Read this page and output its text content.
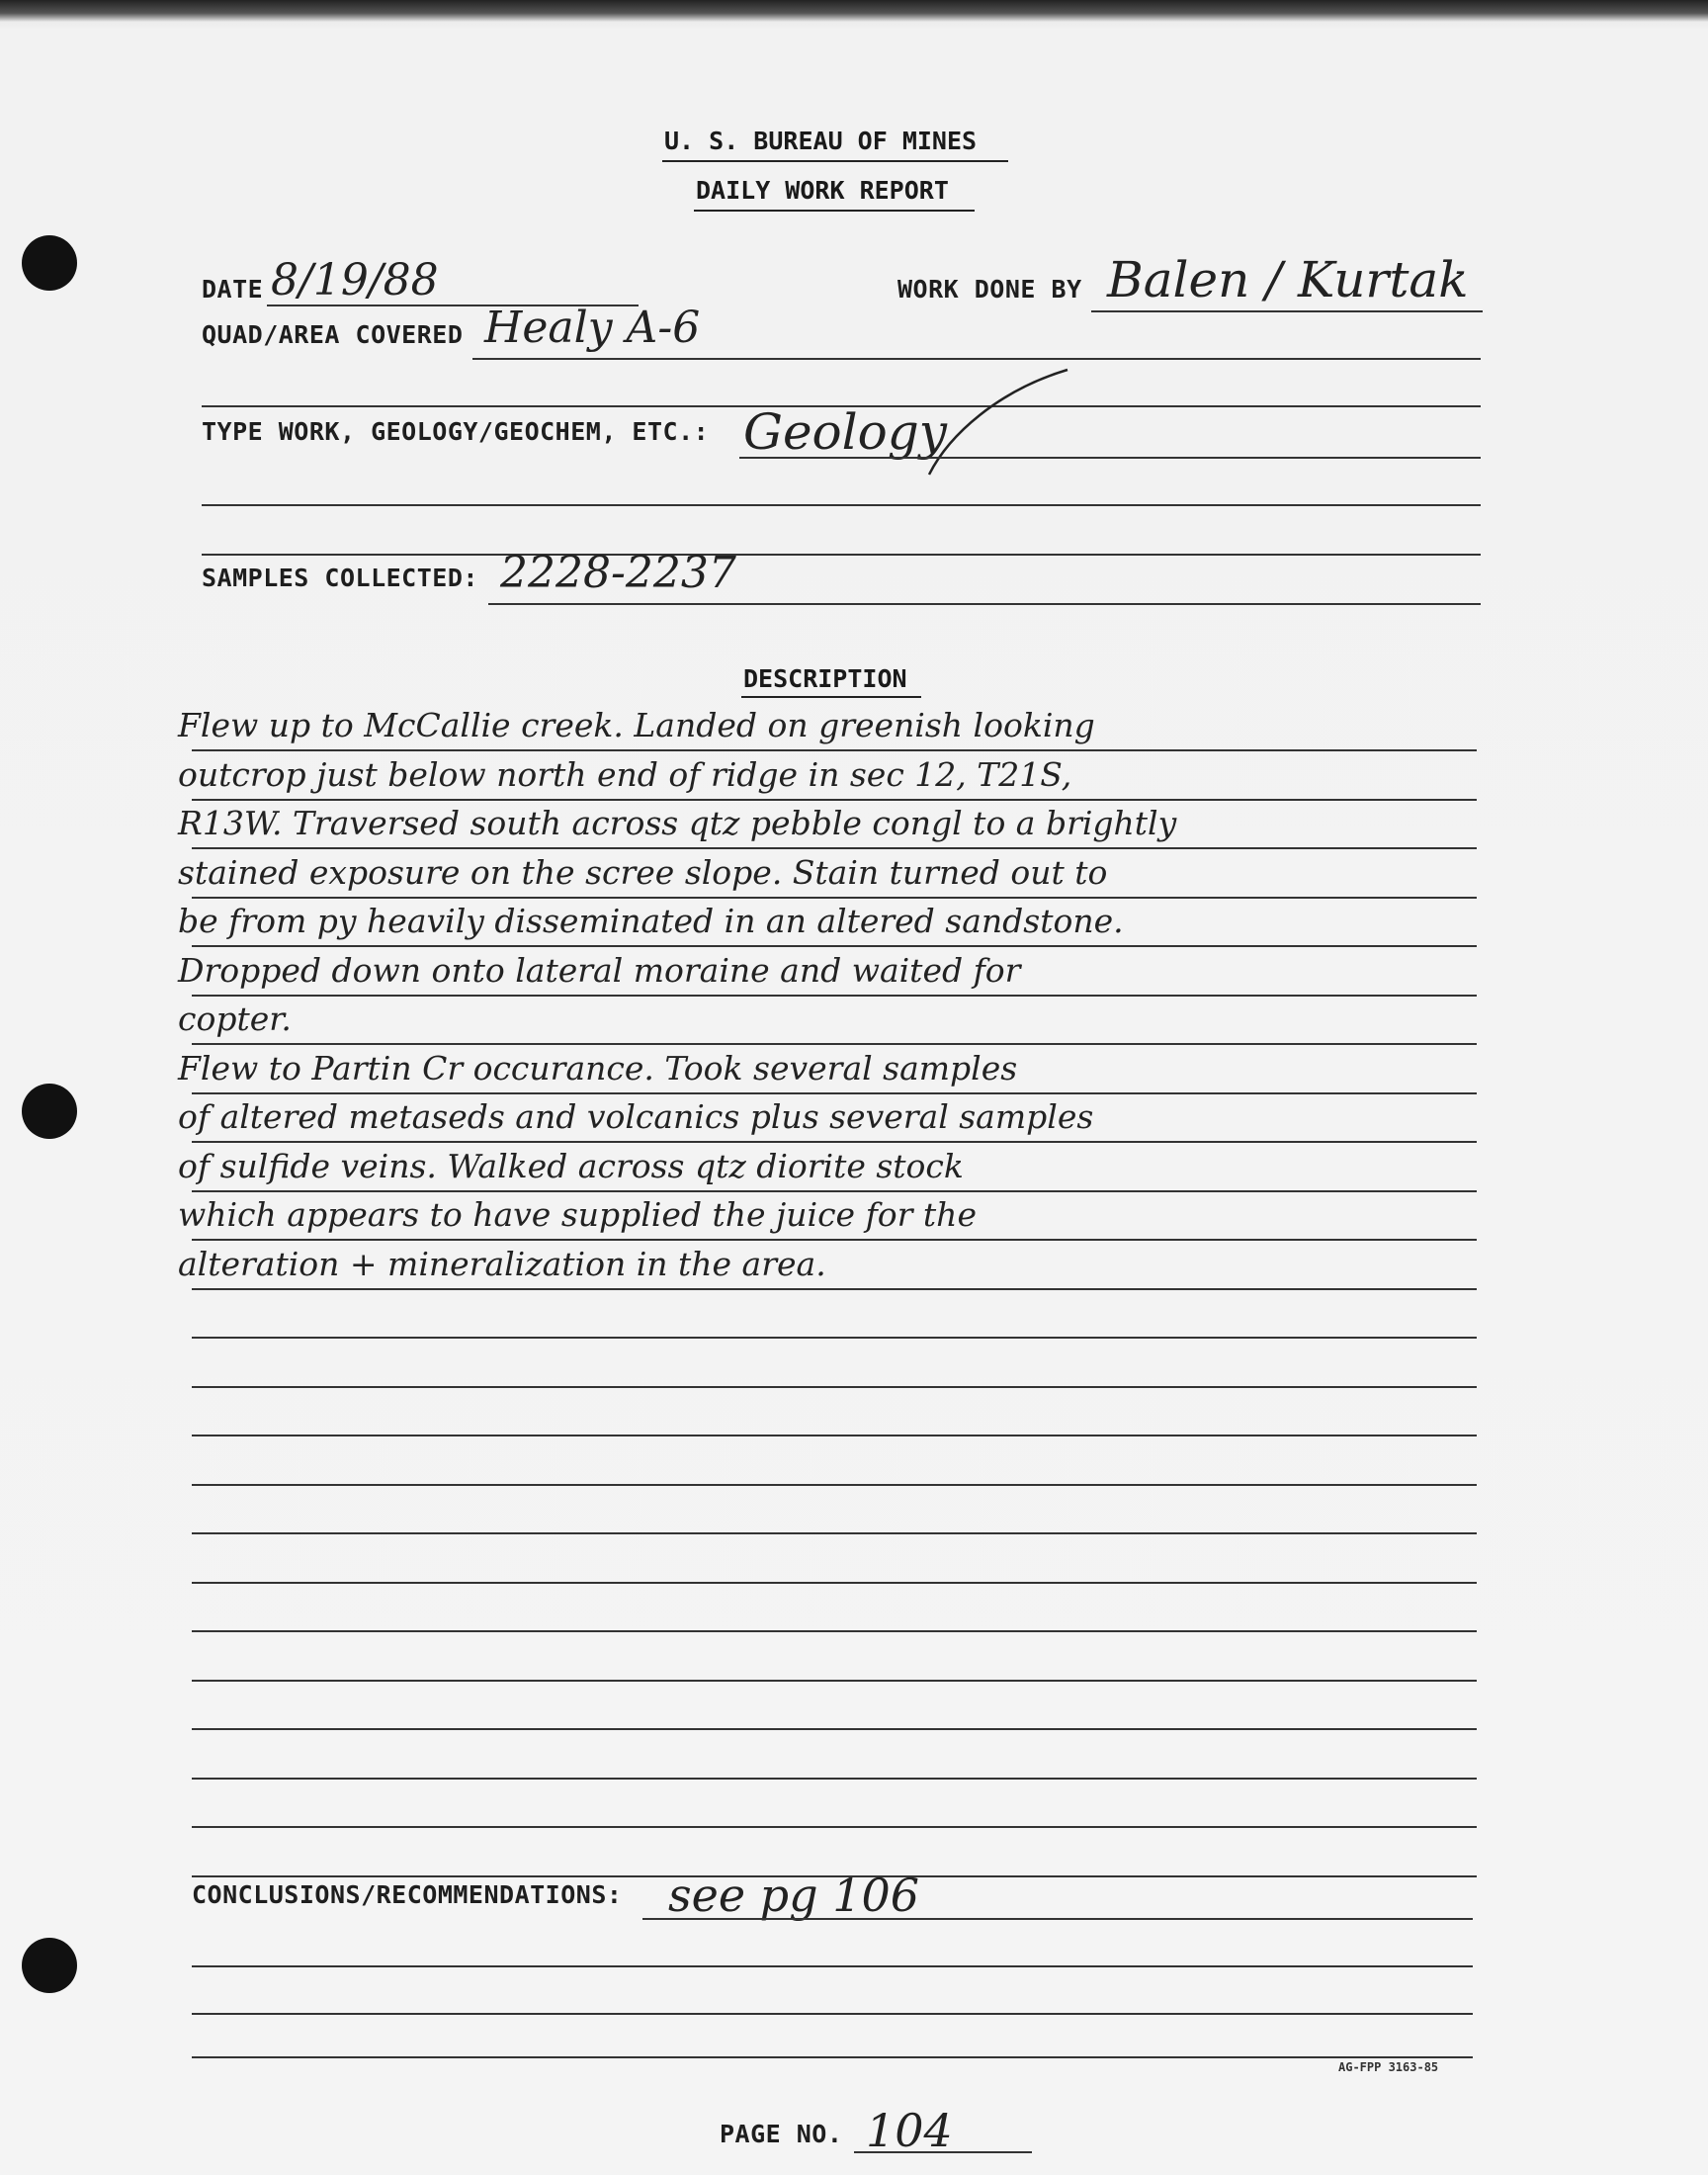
U. S. BUREAU OF MINES
DAILY WORK REPORT
DATE 8/19/88	WORK DONE BY Balen / Kurtak
QUAD/AREA COVERED Healy A-6
TYPE WORK, GEOLOGY/GEOCHEM, ETC.: Geology
SAMPLES COLLECTED: 2228-2237
DESCRIPTION
Flew up to McCallie creek. Landed on greenish looking
outcrop just below north end of ridge in sec 12, T21S,
R13W. Traversed south across qtz pebble congl to a brightly
stained exposure on the scree slope. Stain turned out to
be from py heavily disseminated in an altered sandstone.
Dropped down onto lateral moraine and waited for
copter.
Flew to Partin Cr occurance. Took several samples
of altered metaseds and volcanics plus several samples
of sulfide veins. Walked across qtz diorite stock
which appears to have supplied the juice for the
alteration + mineralization in the area.
CONCLUSIONS/RECOMMENDATIONS: see pg 106
AG-FPP 3163-85
PAGE NO. 104
